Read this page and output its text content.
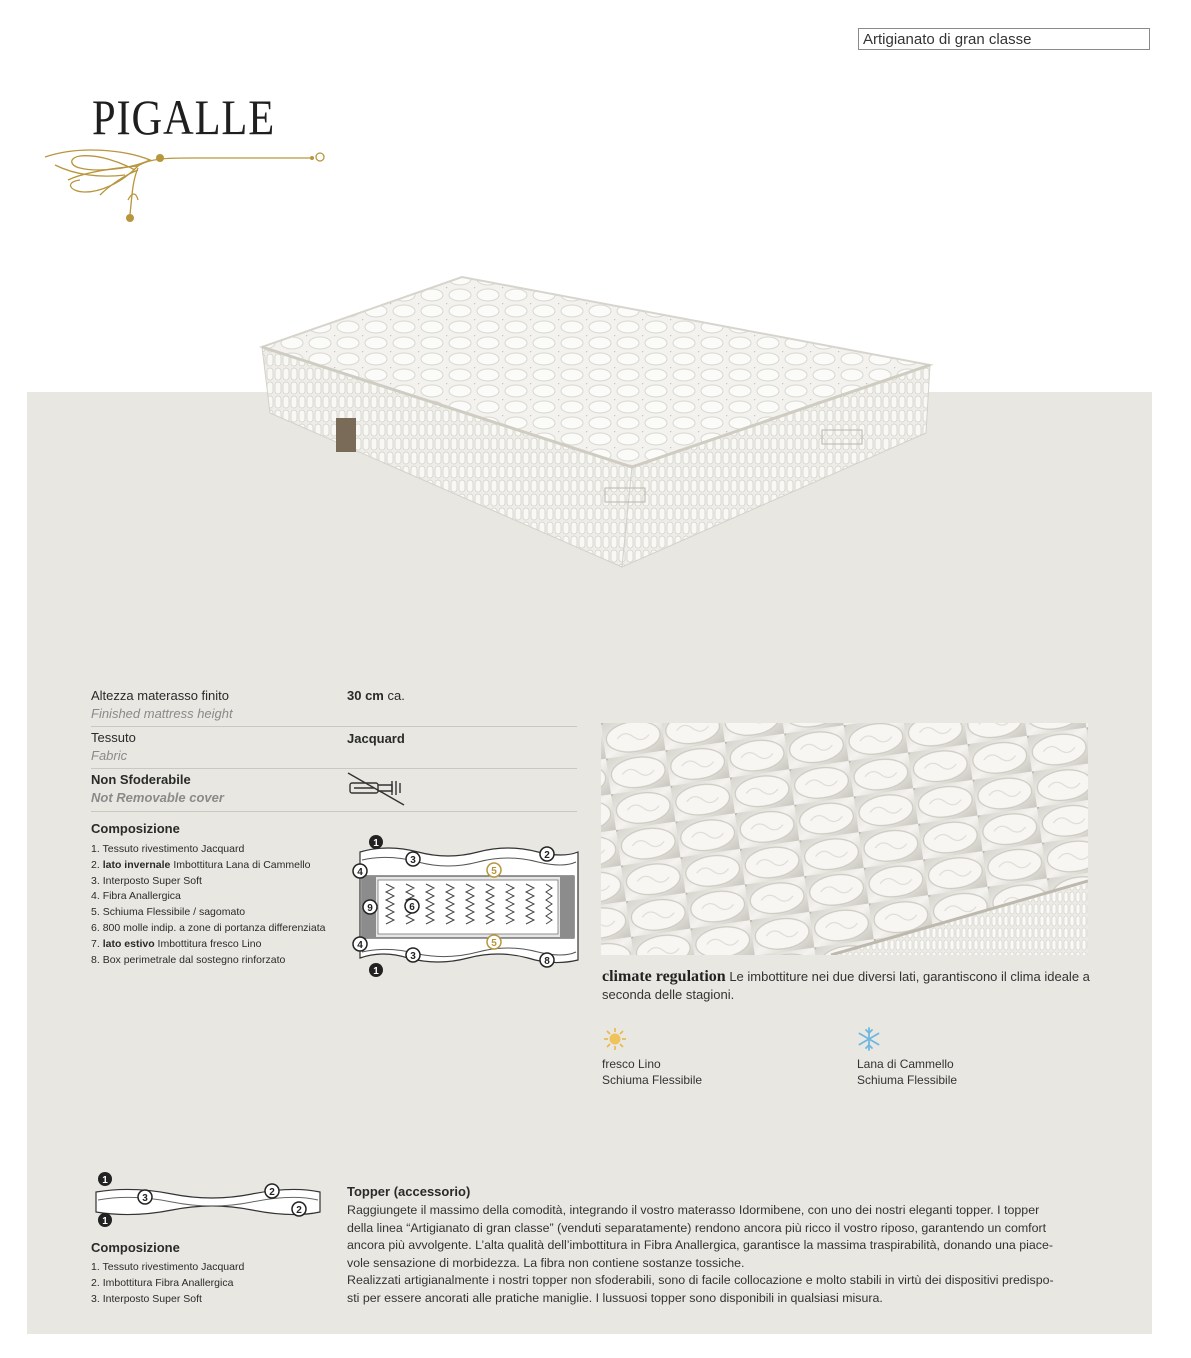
Artigianato di gran classe
PIGALLE
Altezza materasso finito
Finished mattress height
30 cm ca.
Tessuto
Fabric
Jacquard
Non Sfoderabile
Not Removable cover
Composizione
1. Tessuto rivestimento Jacquard
2. lato invernale Imbottitura Lana di Cammello
3. Interposto Super Soft
4. Fibra Anallergica
5. Schiuma Flessibile / sagomato
6. 800 molle indip. a zone di portanza differenziata
7. lato estivo Imbottitura fresco Lino
8. Box perimetrale dal sostegno rinforzato
1
2
3
4	5
9	6
4	5
3
1
8
climate regulation Le imbottiture nei due diversi lati, garantiscono il clima ideale a seconda delle stagioni.
fresco Lino
Schiuma Flessibile
Lana di Cammello
Schiuma Flessibile
1
3
2
2
1
Composizione
1. Tessuto rivestimento Jacquard
2. Imbottitura Fibra Anallergica
3. Interposto Super Soft
Topper (accessorio)
Raggiungete il massimo della comodità, integrando il vostro materasso Idormibene, con uno dei nostri eleganti topper. I topper
della linea “Artigianato di gran classe” (venduti separatamente) rendono ancora più ricco il vostro riposo, garantendo un comfort
ancora più avvolgente. L’alta qualità dell’imbottitura in Fibra Anallergica, garantisce la massima traspirabilità, donando una piace-
vole sensazione di morbidezza. La fibra non contiene sostanze tossiche.
Realizzati artigianalmente i nostri topper non sfoderabili, sono di facile collocazione e molto stabili in virtù dei dispositivi predispo-
sti per essere ancorati alle pratiche maniglie. I lussuosi topper sono disponibili in qualsiasi misura.
